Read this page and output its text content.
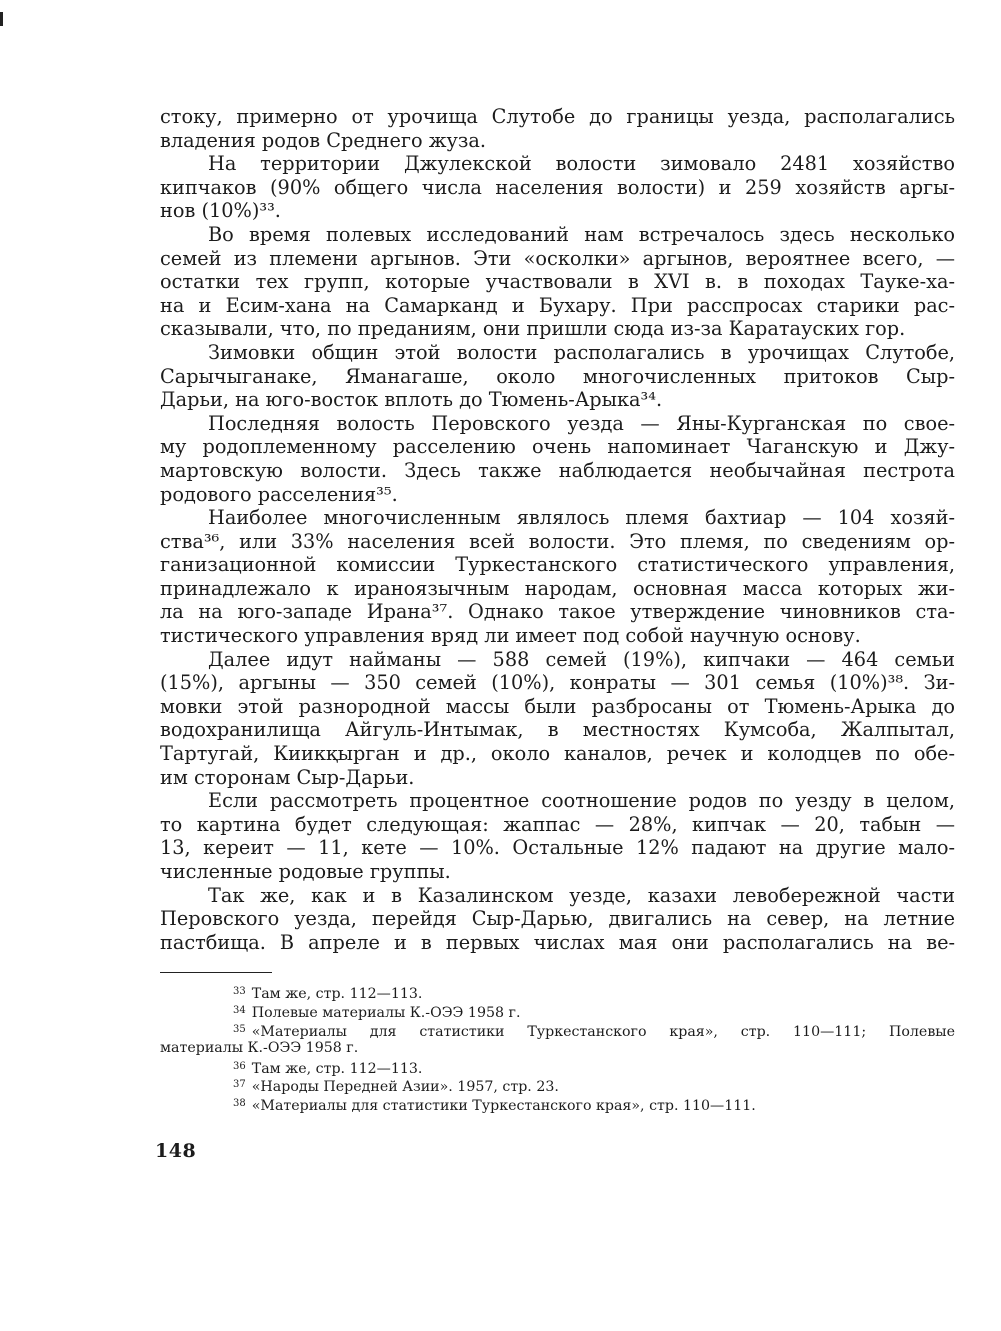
стоку, примерно от урочища Слутобе до границы уезда, располагались
владения родов Среднего жуза.
На территории Джулекской волости зимовало 2481 хозяйство
кипчаков (90% общего числа населения волости) и 259 хозяйств аргы-
нов (10%)³³.
Во время полевых исследований нам встречалось здесь несколько
семей из племени аргынов. Эти «осколки» аргынов, вероятнее всего, —
остатки тех групп, которые участвовали в XVI в. в походах Тауке-ха-
на и Есим-хана на Самарканд и Бухару. При расспросах старики рас-
сказывали, что, по преданиям, они пришли сюда из-за Каратауских гор.
Зимовки общин этой волости располагались в урочищах Слутобе,
Сарычыганаке, Яманагаше, около многочисленных притоков Сыр-
Дарьи, на юго-восток вплоть до Тюмень-Арыка³⁴.
Последняя волость Перовского уезда — Яны-Курганская по свое-
му родоплеменному расселению очень напоминает Чаганскую и Джу-
мартовскую волости. Здесь также наблюдается необычайная пестрота
родового расселения³⁵.
Наиболее многочисленным являлось племя бахтиар — 104 хозяй-
ства³⁶, или 33% населения всей волости. Это племя, по сведениям ор-
ганизационной комиссии Туркестанского статистического управления,
принадлежало к ираноязычным народам, основная масса которых жи-
ла на юго-западе Ирана³⁷. Однако такое утверждение чиновников ста-
тистического управления вряд ли имеет под собой научную основу.
Далее идут найманы — 588 семей (19%), кипчаки — 464 семьи
(15%), аргыны — 350 семей (10%), конраты — 301 семья (10%)³⁸. Зи-
мовки этой разнородной массы были разбросаны от Тюмень-Арыка до
водохранилища Айгуль-Интымак, в местностях Кумсоба, Жалпытал,
Тартугай, Киикқырган и др., около каналов, речек и колодцев по обе-
им сторонам Сыр-Дарьи.
Если рассмотреть процентное соотношение родов по уезду в целом,
то картина будет следующая: жаппас — 28%, кипчак — 20, табын —
13, кереит — 11, кете — 10%. Остальные 12% падают на другие мало-
численные родовые группы.
Так же, как и в Казалинском уезде, казахи левобережной части
Перовского уезда, перейдя Сыр-Дарью, двигались на север, на летние
пастбища. В апреле и в первых числах мая они располагались на ве-
$^{33}$ Там же, стр. 112—113.
$^{34}$ Полевые материалы К.-ОЭЭ 1958 г.
$^{35}$ «Материалы для статистики Туркестанского края», стр. 110—111; Полевые
материалы К.-ОЭЭ 1958 г.
$^{36}$ Там же, стр. 112—113.
$^{37}$ «Народы Передней Азии». 1957, стр. 23.
$^{38}$ «Материалы для статистики Туркестанского края», стр. 110—111.
148
